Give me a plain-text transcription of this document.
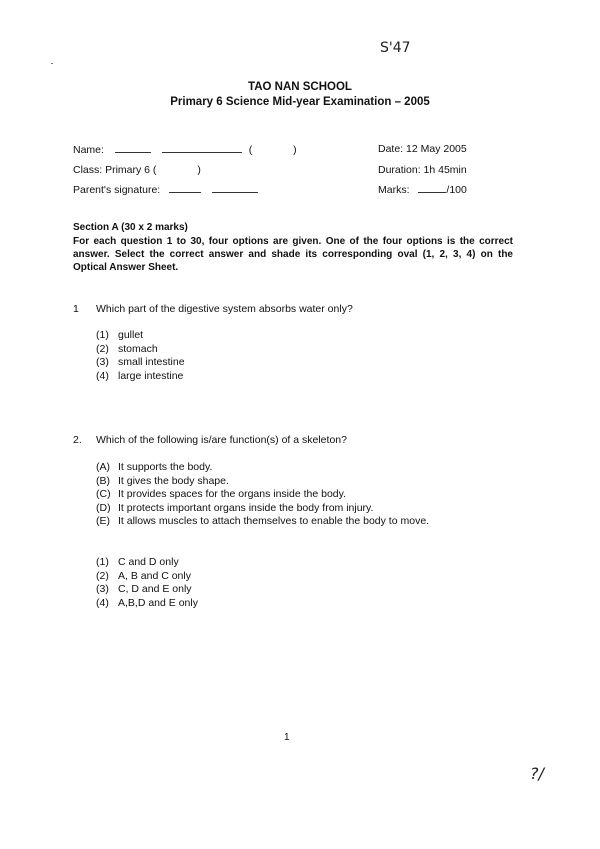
S'47
TAO NAN SCHOOL
Primary 6 Science Mid-year Examination – 2005
Name:	(	)
Class: Primary 6 (	)
Parent's signature:
Date: 12 May 2005
Duration: 1h 45min
Marks:	/100
Section A (30 x 2 marks)
For each question 1 to 30, four options are given. One of the four options is the correct answer. Select the correct answer and shade its corresponding oval (1, 2, 3, 4) on the Optical Answer Sheet.
1 Which part of the digestive system absorbs water only?
(1) gullet
(2) stomach
(3) small intestine
(4) large intestine
2. Which of the following is/are function(s) of a skeleton?
(A) It supports the body.
(B) It gives the body shape.
(C) It provides spaces for the organs inside the body.
(D) It protects important organs inside the body from injury.
(E) It allows muscles to attach themselves to enable the body to move.
(1) C and D only
(2) A, B and C only
(3) C, D and E only
(4) A,B,D and E only
1
?/
